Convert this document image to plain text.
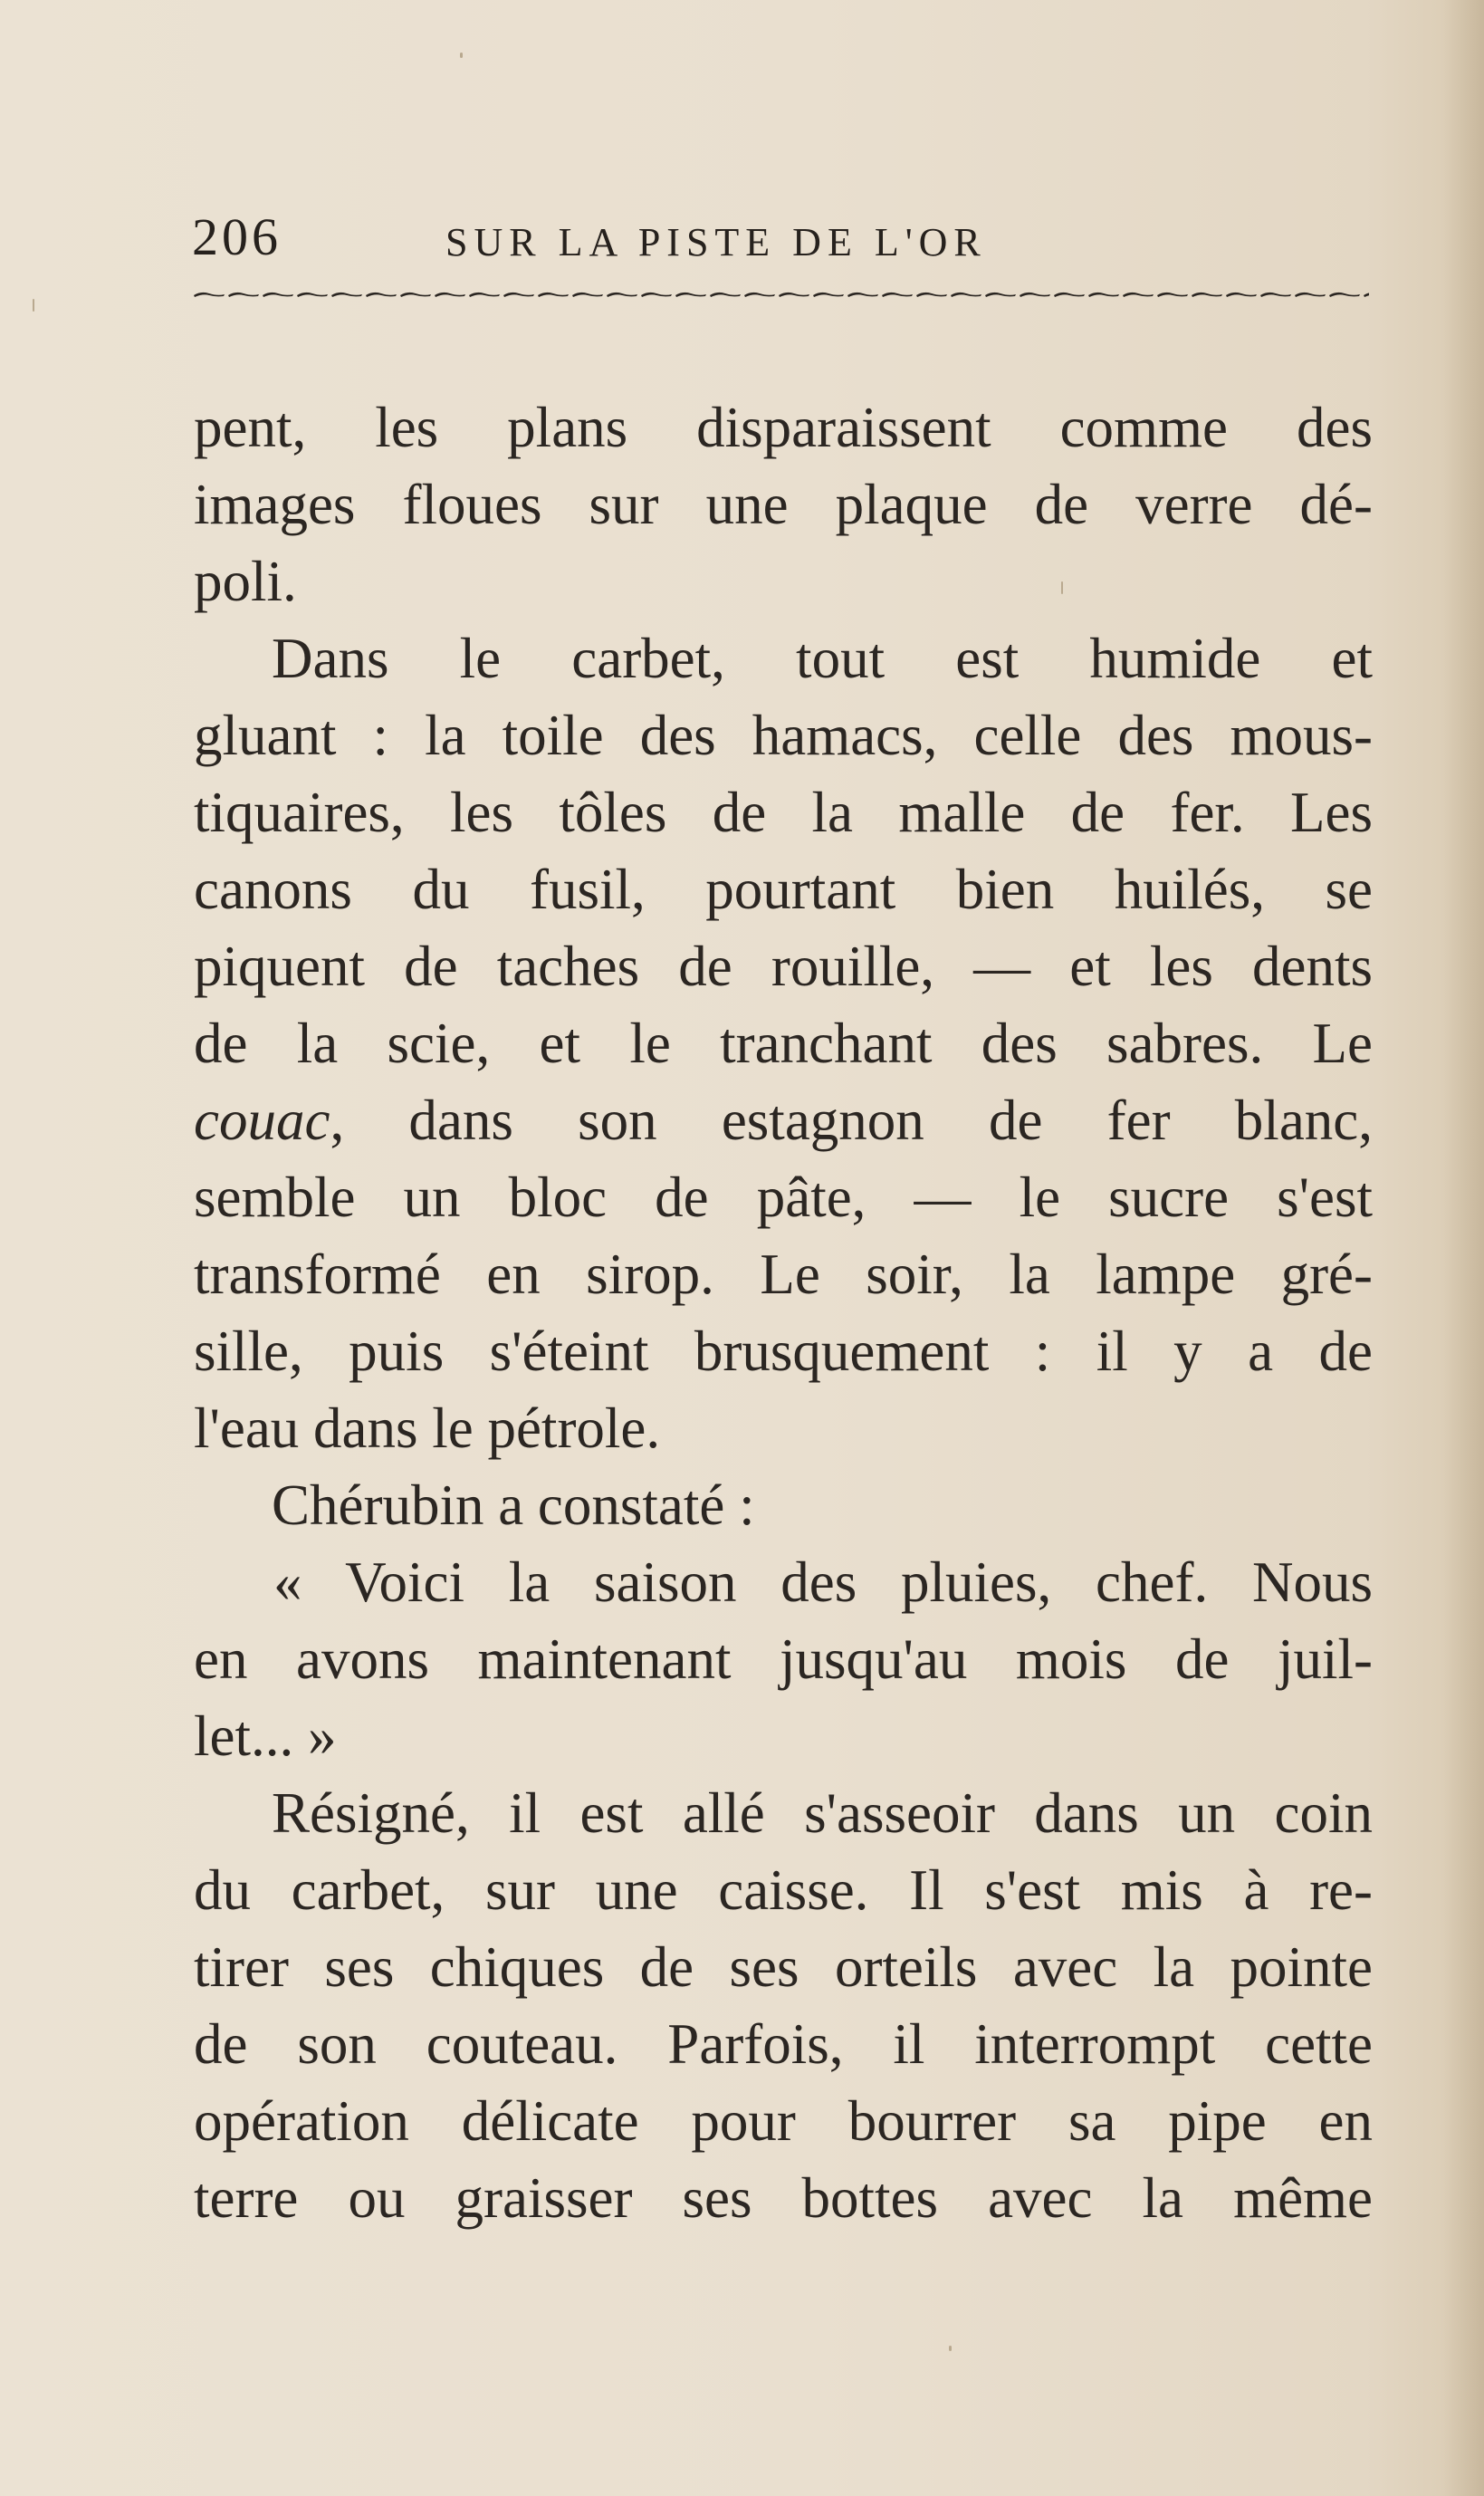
206	SUR LA PISTE DE L'OR
pent, les plans disparaissent comme des
images floues sur une plaque de verre dé-
poli.
Dans le carbet, tout est humide et
gluant : la toile des hamacs, celle des mous-
tiquaires, les tôles de la malle de fer. Les
canons du fusil, pourtant bien huilés, se
piquent de taches de rouille, — et les dents
de la scie, et le tranchant des sabres. Le
couac, dans son estagnon de fer blanc,
semble un bloc de pâte, — le sucre s'est
transformé en sirop. Le soir, la lampe gré-
sille, puis s'éteint brusquement : il y a de
l'eau dans le pétrole.
Chérubin a constaté :
« Voici la saison des pluies, chef. Nous
en avons maintenant jusqu'au mois de juil-
let... »
Résigné, il est allé s'asseoir dans un coin
du carbet, sur une caisse. Il s'est mis à re-
tirer ses chiques de ses orteils avec la pointe
de son couteau. Parfois, il interrompt cette
opération délicate pour bourrer sa pipe en
terre ou graisser ses bottes avec la même
